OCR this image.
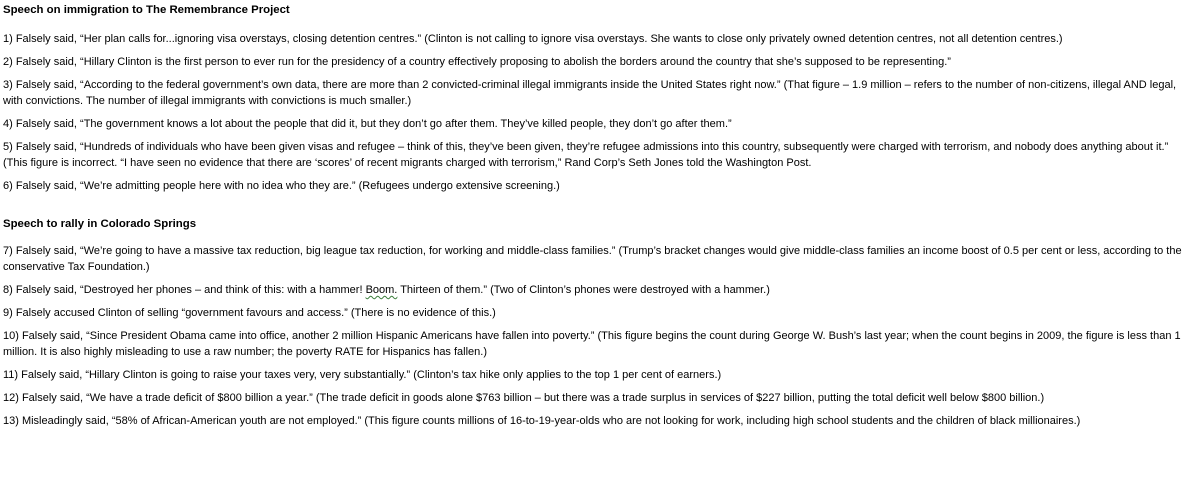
Speech on immigration to The Remembrance Project

1) Falsely said, “Her plan calls for...ignoring visa overstays, closing detention centres.” (Clinton is not calling to ignore visa overstays. She wants to close only privately owned detention centres, not all detention centres.)

2) Falsely said, “Hillary Clinton is the first person to ever run for the presidency of a country effectively proposing to abolish the borders around the country that she’s supposed to be representing.”

3) Falsely said, “According to the federal government’s own data, there are more than 2 convicted-criminal illegal immigrants inside the United States right now.” (That figure – 1.9 million – refers to the number of non-citizens, illegal AND legal, with convictions. The number of illegal immigrants with convictions is much smaller.)

4) Falsely said, “The government knows a lot about the people that did it, but they don’t go after them. They’ve killed people, they don’t go after them.”

5) Falsely said, “Hundreds of individuals who have been given visas and refugee – think of this, they’ve been given, they’re refugee admissions into this country, subsequently were charged with terrorism, and nobody does anything about it.” (This figure is incorrect. “I have seen no evidence that there are ‘scores’ of recent migrants charged with terrorism,” Rand Corp’s Seth Jones told the Washington Post.

6) Falsely said, “We’re admitting people here with no idea who they are.” (Refugees undergo extensive screening.)

Speech to rally in Colorado Springs

7) Falsely said, “We’re going to have a massive tax reduction, big league tax reduction, for working and middle-class families.” (Trump’s bracket changes would give middle-class families an income boost of 0.5 per cent or less, according to the conservative Tax Foundation.)

8) Falsely said, “Destroyed her phones – and think of this: with a hammer! Boom. Thirteen of them.” (Two of Clinton’s phones were destroyed with a hammer.)

9) Falsely accused Clinton of selling “government favours and access.” (There is no evidence of this.)

10) Falsely said, “Since President Obama came into office, another 2 million Hispanic Americans have fallen into poverty.” (This figure begins the count during George W. Bush’s last year; when the count begins in 2009, the figure is less than 1 million. It is also highly misleading to use a raw number; the poverty RATE for Hispanics has fallen.)

11) Falsely said, “Hillary Clinton is going to raise your taxes very, very substantially.” (Clinton’s tax hike only applies to the top 1 per cent of earners.)

12) Falsely said, “We have a trade deficit of $800 billion a year.” (The trade deficit in goods alone $763 billion – but there was a trade surplus in services of $227 billion, putting the total deficit well below $800 billion.)

13) Misleadingly said, “58% of African-American youth are not employed.” (This figure counts millions of 16-to-19-year-olds who are not looking for work, including high school students and the children of black millionaires.)
